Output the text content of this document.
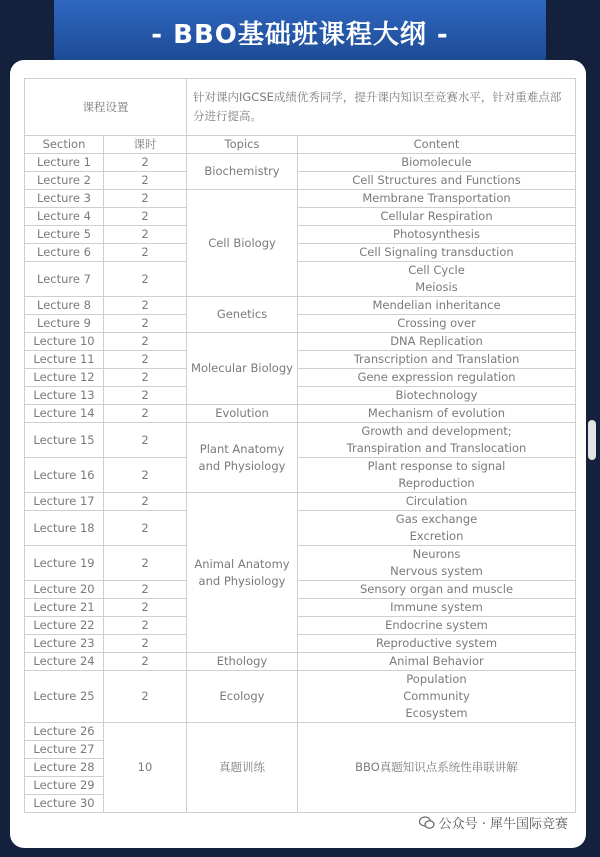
- BBO基础班课程大纲 -
课程设置		针对课内IGCSE成绩优秀同学，提升课内知识至竞赛水平，针对重难点部分进行提高。	
Section	课时	Topics	Content
Lecture 1	2	Biochemistry	Biomolecule

Lecture 2	2		Cell Structures and Functions

Lecture 3	2	Cell Biology	Membrane Transportation

Lecture 4	2		Cellular Respiration

Lecture 5	2		Photosynthesis

Lecture 6	2		Cell Signaling transduction

Lecture 7	2		Cell Cycle
Meiosis

Lecture 8	2	Genetics	Mendelian inheritance

Lecture 9	2		Crossing over

Lecture 10	2	Molecular Biology	DNA Replication

Lecture 11	2		Transcription and Translation

Lecture 12	2		Gene expression regulation

Lecture 13	2		Biotechnology

Lecture 14	2	Evolution	Mechanism of evolution

Lecture 15	2	Plant Anatomy and Physiology	Growth and development;
Transpiration and Translocation

Lecture 16	2		Plant response to signal
Reproduction

Lecture 17	2	Animal Anatomy and Physiology	Circulation

Lecture 18	2		Gas exchange
Excretion

Lecture 19	2		Neurons
Nervous system

Lecture 20	2		Sensory organ and muscle

Lecture 21	2		Immune system

Lecture 22	2		Endocrine system

Lecture 23	2		Reproductive system

Lecture 24	2	Ethology	Animal Behavior

Lecture 25	2	Ecology	Population
Community
Ecosystem

Lecture 26	10	真题训练	BBO真题知识点系统性串联讲解

Lecture 27			
Lecture 28			
Lecture 29			
Lecture 30			
公众号 · 犀牛国际竞赛
